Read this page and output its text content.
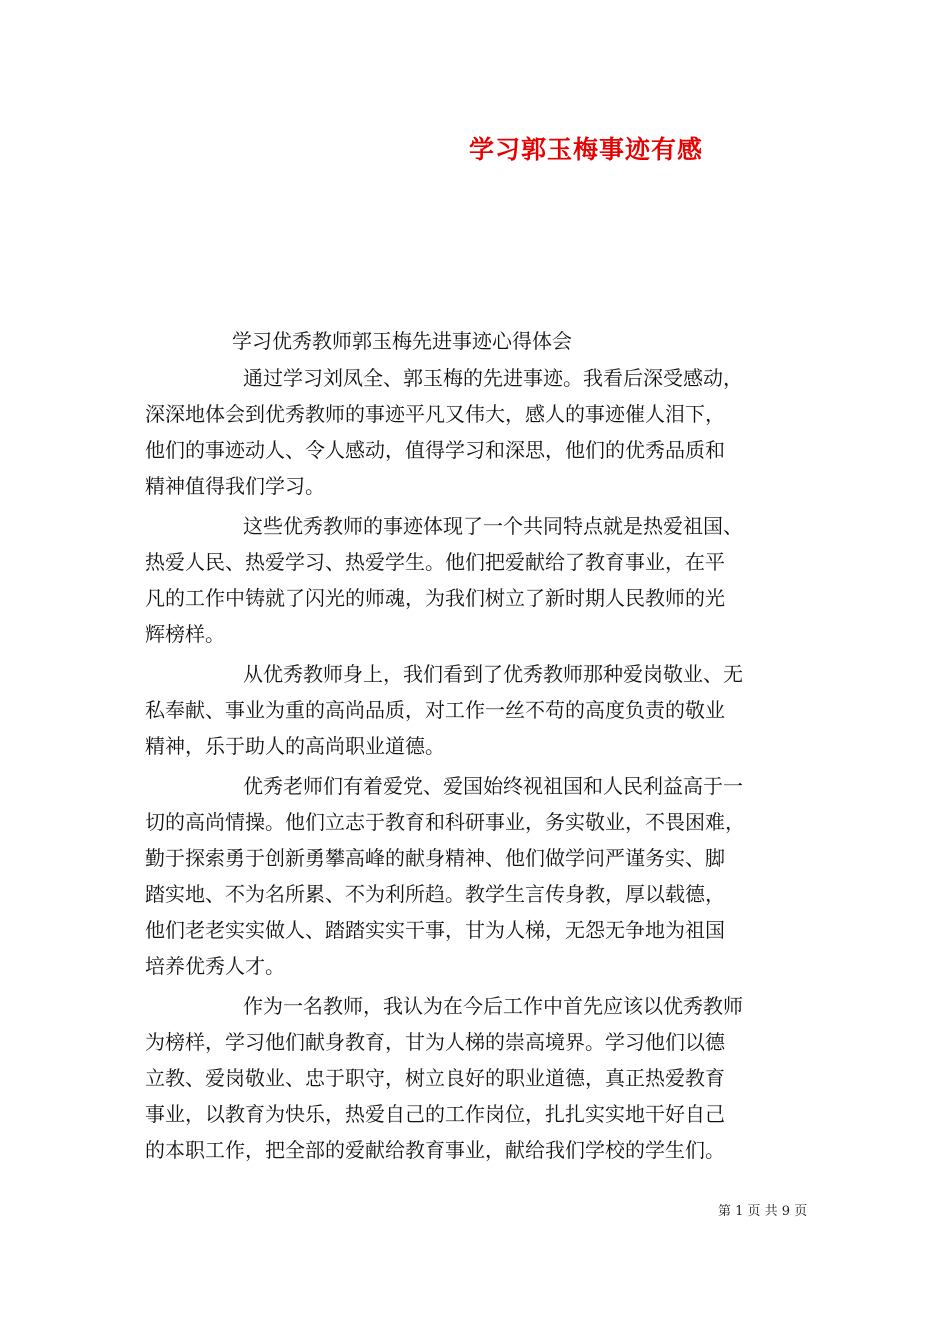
学习郭玉梅事迹有感
学习优秀教师郭玉梅先进事迹心得体会
通过学习刘凤全、郭玉梅的先进事迹。我看后深受感动，
深深地体会到优秀教师的事迹平凡又伟大，感人的事迹催人泪下，
他们的事迹动人、令人感动，值得学习和深思，他们的优秀品质和
精神值得我们学习。
这些优秀教师的事迹体现了一个共同特点就是热爱祖国、
热爱人民、热爱学习、热爱学生。他们把爱献给了教育事业，在平
凡的工作中铸就了闪光的师魂，为我们树立了新时期人民教师的光
辉榜样。
从优秀教师身上，我们看到了优秀教师那种爱岗敬业、无
私奉献、事业为重的高尚品质，对工作一丝不苟的高度负责的敬业
精神，乐于助人的高尚职业道德。
优秀老师们有着爱党、爱国始终视祖国和人民利益高于一
切的高尚情操。他们立志于教育和科研事业，务实敬业，不畏困难，
勤于探索勇于创新勇攀高峰的献身精神、他们做学问严谨务实、脚
踏实地、不为名所累、不为利所趋。教学生言传身教，厚以载德，
他们老老实实做人、踏踏实实干事，甘为人梯，无怨无争地为祖国
培养优秀人才。
作为一名教师，我认为在今后工作中首先应该以优秀教师
为榜样，学习他们献身教育，甘为人梯的崇高境界。学习他们以德
立教、爱岗敬业、忠于职守，树立良好的职业道德，真正热爱教育
事业，以教育为快乐，热爱自己的工作岗位，扎扎实实地干好自己
的本职工作，把全部的爱献给教育事业，献给我们学校的学生们。
第 1 页 共 9 页
